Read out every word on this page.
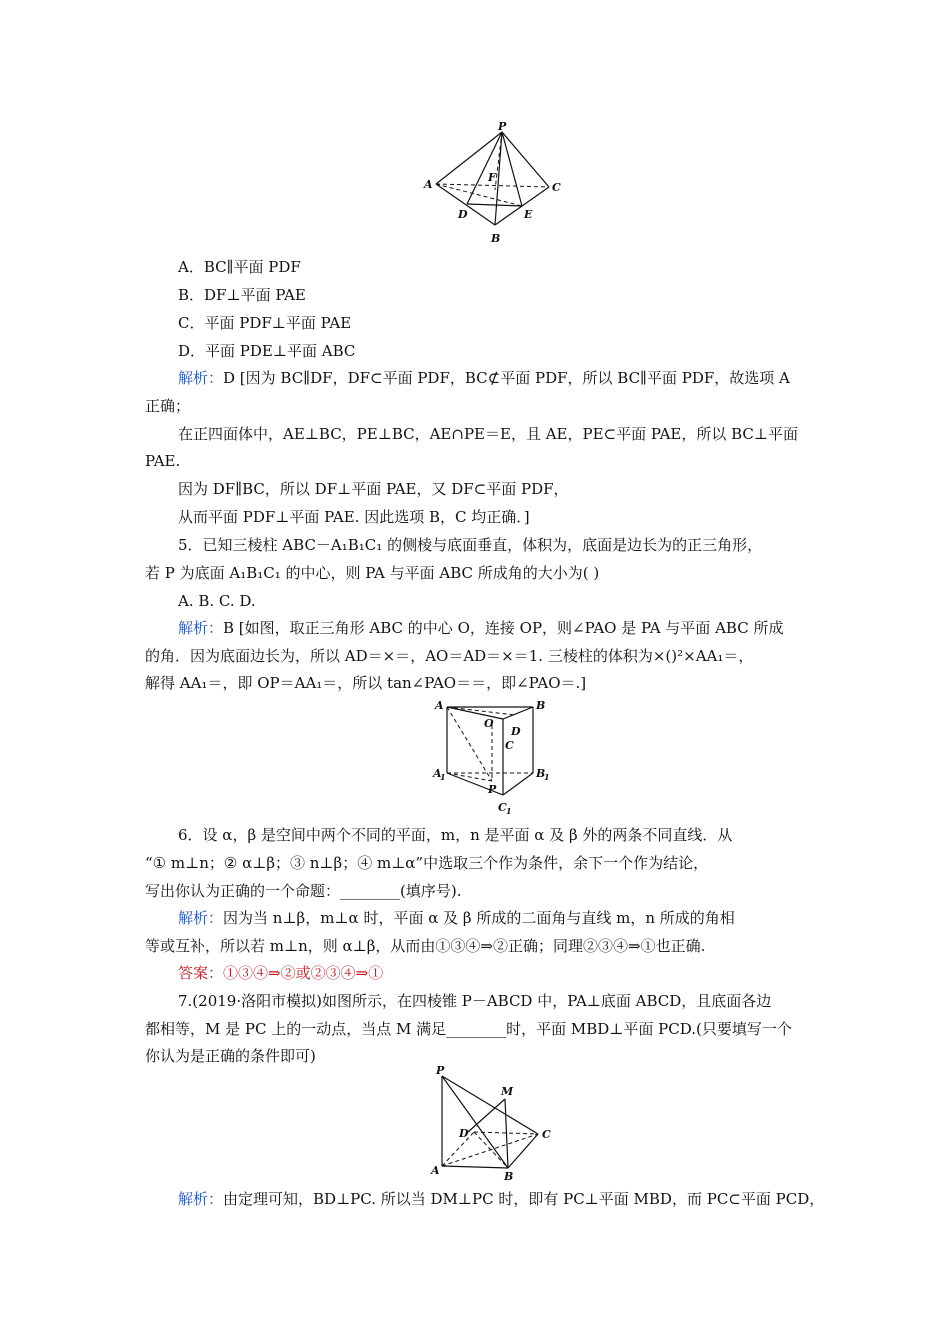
P
A
F
C
D	E
B
A	B
O
D
C
A
1	B
1
P
C 1
P
M
D	C
A	B
A．BC∥平面 PDF
B．DF⊥平面 PAE
C．平面 PDF⊥平面 PAE
D．平面 PDE⊥平面 ABC
解析：D [因为 BC∥DF，DF⊂平面 PDF，BC⊄平面 PDF，所以 BC∥平面 PDF，故选项 A
正确；
在正四面体中，AE⊥BC，PE⊥BC，AE∩PE＝E，且 AE，PE⊂平面 PAE，所以 BC⊥平面
PAE.
因为 DF∥BC，所以 DF⊥平面 PAE，又 DF⊂平面 PDF，
从而平面 PDF⊥平面 PAE. 因此选项 B，C 均正确．]
5．已知三棱柱 ABC－A₁B₁C₁ 的侧棱与底面垂直，体积为，底面是边长为的正三角形，
若 P 为底面 A₁B₁C₁ 的中心，则 PA 与平面 ABC 所成角的大小为( )
A. B. C. D.
解析：B [如图，取正三角形 ABC 的中心 O，连接 OP，则∠PAO 是 PA 与平面 ABC 所成
的角．因为底面边长为，所以 AD＝×＝，AO＝AD＝×＝1. 三棱柱的体积为×()²×AA₁＝，
解得 AA₁＝，即 OP＝AA₁＝，所以 tan∠PAO＝＝，即∠PAO＝.]
6．设 α，β 是空间中两个不同的平面，m，n 是平面 α 及 β 外的两条不同直线．从
“① m⊥n；② α⊥β；③ n⊥β；④ m⊥α”中选取三个作为条件，余下一个作为结论，
写出你认为正确的一个命题：________(填序号).
解析：因为当 n⊥β，m⊥α 时，平面 α 及 β 所成的二面角与直线 m，n 所成的角相
等或互补，所以若 m⊥n，则 α⊥β，从而由①③④⇒②正确；同理②③④⇒①也正确.
答案：①③④⇒②或②③④⇒①
7.(2019·洛阳市模拟)如图所示，在四棱锥 P－ABCD 中，PA⊥底面 ABCD，且底面各边
都相等，M 是 PC 上的一动点，当点 M 满足________时，平面 MBD⊥平面 PCD.(只要填写一个
你认为是正确的条件即可)
解析：由定理可知，BD⊥PC. 所以当 DM⊥PC 时，即有 PC⊥平面 MBD，而 PC⊂平面 PCD，
